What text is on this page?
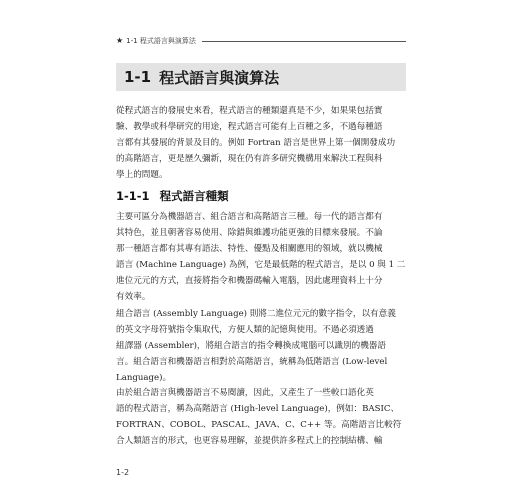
★ 1-1 程式語言與演算法
1-1 程式語言與演算法
從程式語言的發展史來看，程式語言的種類還真是不少，如果果包括實
驗、教學或科學研究的用途，程式語言可能有上百種之多，不過每種語
言都有其發展的背景及目的。例如 Fortran 語言是世界上第一個開發成功
的高階語言，更是歷久彌新，現在仍有許多研究機構用來解決工程與科
學上的問題。
1-1-1 程式語言種類
主要可區分為機器語言、組合語言和高階語言三種。每一代的語言都有
其特色，並且朝著容易使用、除錯與維護功能更強的目標來發展。不論
那一種語言都有其專有語法、特性、優點及相關應用的領域，就以機械
語言 (Machine Language) 為例，它是最低階的程式語言，是以 0 與 1 二
進位元元的方式，直接將指令和機器碼輸入電腦，因此處理資料上十分
有效率。
組合語言 (Assembly Language) 則將二進位元元的數字指令，以有意義
的英文字母符號指令集取代，方便人類的記憶與使用。不過必須透過
組譯器 (Assembler)，將組合語言的指令轉換成電腦可以識別的機器語
言。組合語言和機器語言相對於高階語言，統稱為低階語言 (Low-level
Language)。
由於組合語言與機器語言不易閱讀，因此，又產生了一些較口語化英
語的程式語言，稱為高階語言 (High-level Language)，例如：BASIC、
FORTRAN、COBOL、PASCAL、JAVA、C、C++ 等。高階語言比較符
合人類語言的形式，也更容易理解，並提供許多程式上的控制結構、輸
1-2
